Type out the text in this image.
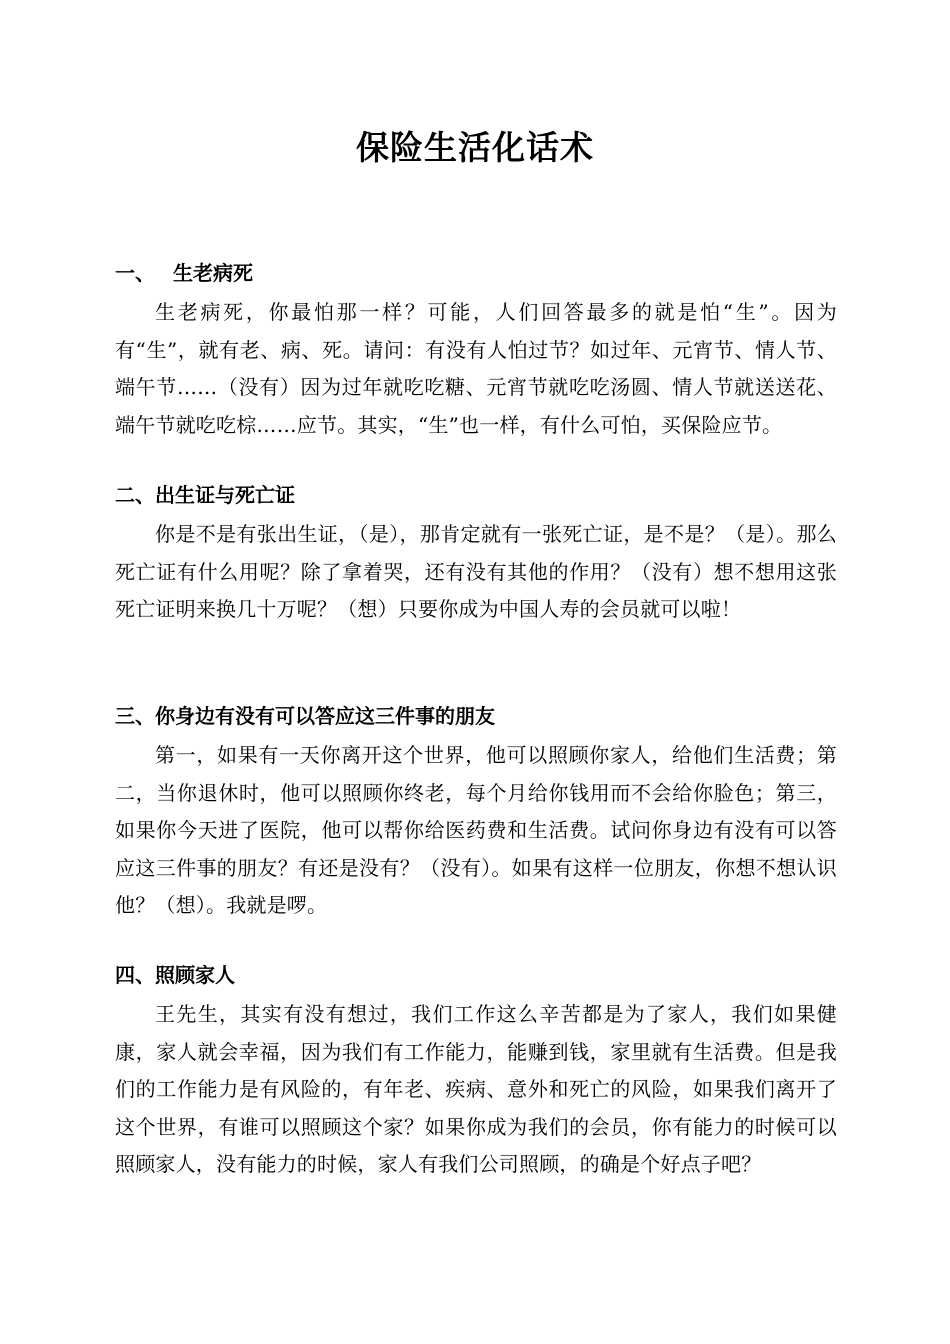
保险生活化话术
一、 生老病死

生老病死，你最怕那一样？可能，人们回答最多的就是怕“生”。因为有“生”，就有老、病、死。请问：有没有人怕过节？如过年、元宵节、情人节、端午节……（没有）因为过年就吃吃糖、元宵节就吃吃汤圆、情人节就送送花、端午节就吃吃棕……应节。其实，“生”也一样，有什么可怕，买保险应节。

二、出生证与死亡证

你是不是有张出生证，（是），那肯定就有一张死亡证，是不是？（是）。那么死亡证有什么用呢？除了拿着哭，还有没有其他的作用？（没有）想不想用这张死亡证明来换几十万呢？（想）只要你成为中国人寿的会员就可以啦！

三、你身边有没有可以答应这三件事的朋友

第一，如果有一天你离开这个世界，他可以照顾你家人，给他们生活费；第二，当你退休时，他可以照顾你终老，每个月给你钱用而不会给你脸色；第三，如果你今天进了医院，他可以帮你给医药费和生活费。试问你身边有没有可以答应这三件事的朋友？有还是没有？（没有）。如果有这样一位朋友，你想不想认识他？（想）。我就是啰。

四、照顾家人

王先生，其实有没有想过，我们工作这么辛苦都是为了家人，我们如果健康，家人就会幸福，因为我们有工作能力，能赚到钱，家里就有生活费。但是我们的工作能力是有风险的，有年老、疾病、意外和死亡的风险，如果我们离开了这个世界，有谁可以照顾这个家？如果你成为我们的会员，你有能力的时候可以照顾家人，没有能力的时候，家人有我们公司照顾，的确是个好点子吧？
